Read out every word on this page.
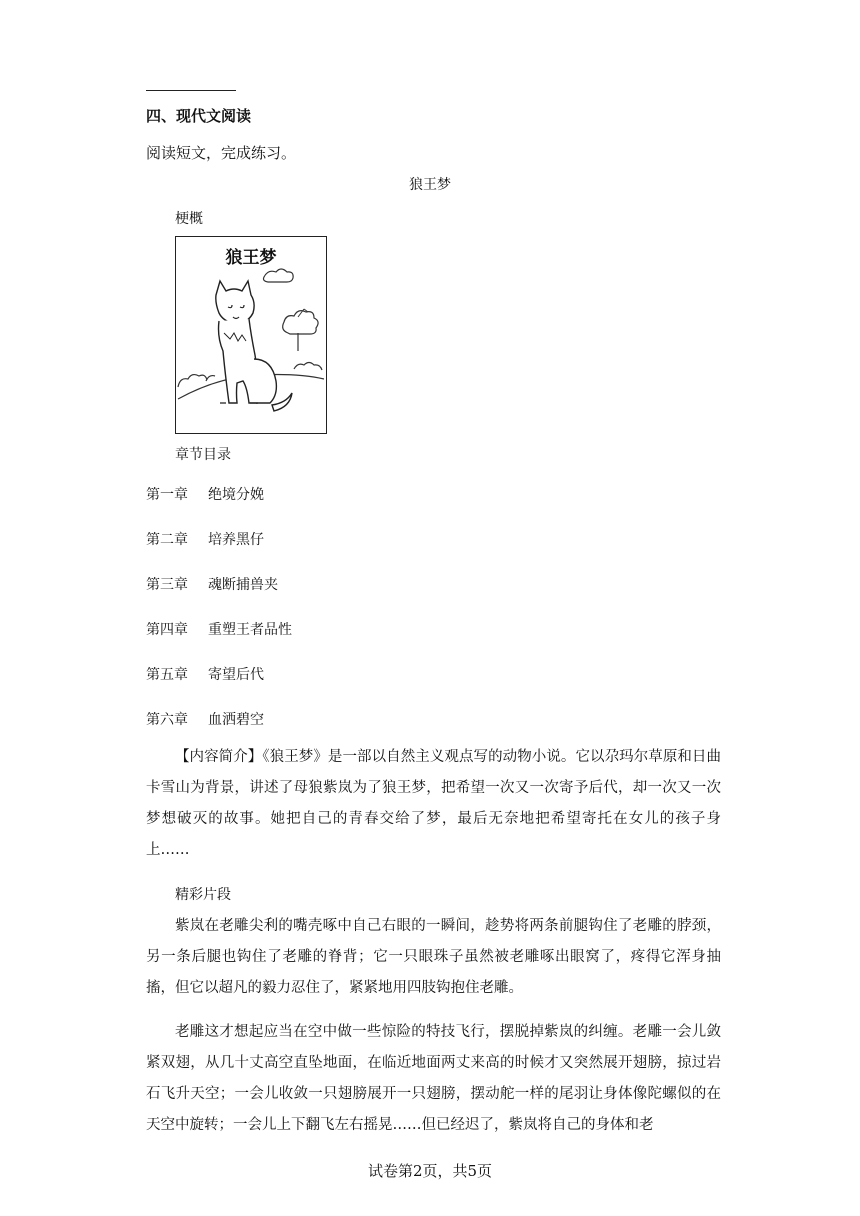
四、现代文阅读
阅读短文，完成练习。
狼王梦
梗概
狼王梦
章节目录
第一章 绝境分娩
第二章 培养黑仔
第三章 魂断捕兽夹
第四章 重塑王者品性
第五章 寄望后代
第六章 血洒碧空
【内容简介】《狼王梦》是一部以自然主义观点写的动物小说。它以尕玛尔草原和日曲卡雪山为背景，讲述了母狼紫岚为了狼王梦，把希望一次又一次寄予后代，却一次又一次梦想破灭的故事。她把自己的青春交给了梦，最后无奈地把希望寄托在女儿的孩子身上……
精彩片段
紫岚在老雕尖利的嘴壳啄中自己右眼的一瞬间，趁势将两条前腿钩住了老雕的脖颈，另一条后腿也钩住了老雕的脊背；它一只眼珠子虽然被老雕啄出眼窝了，疼得它浑身抽搐，但它以超凡的毅力忍住了，紧紧地用四肢钩抱住老雕。
老雕这才想起应当在空中做一些惊险的特技飞行，摆脱掉紫岚的纠缠。老雕一会儿敛紧双翅，从几十丈高空直坠地面，在临近地面两丈来高的时候才又突然展开翅膀，掠过岩石飞升天空；一会儿收敛一只翅膀展开一只翅膀，摆动舵一样的尾羽让身体像陀螺似的在天空中旋转；一会儿上下翻飞左右摇晃……但已经迟了，紫岚将自己的身体和老
试卷第2页，共5页
